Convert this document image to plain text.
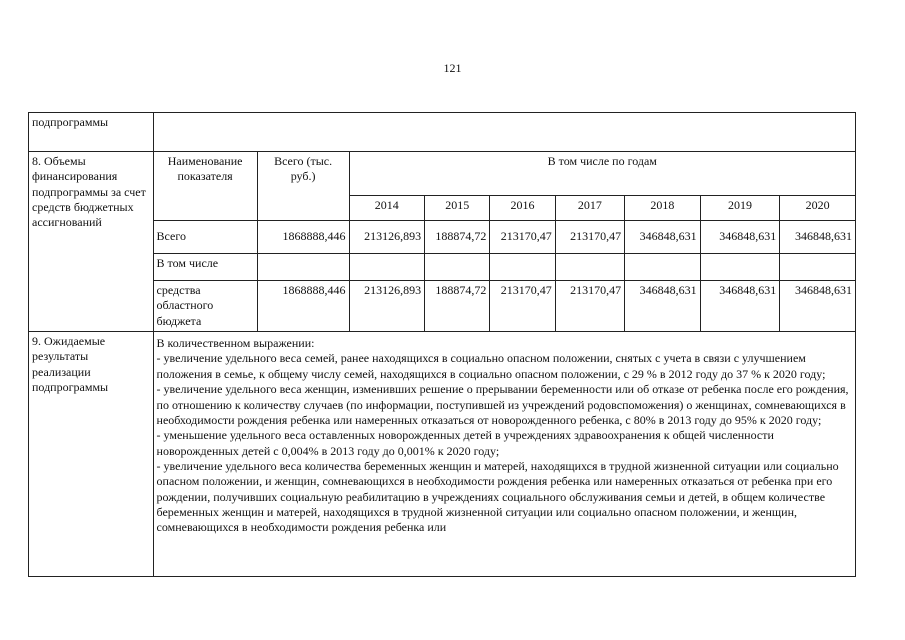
121
подпрограммы									
8. Объемы финансирования подпрограммы за счет средств бюджетных ассигнований	Наименование показателя	Всего (тыс. руб.)	В том числе по годам						
			2014	2015	2016	2017	2018	2019	2020
	Всего	1868888,446	213126,893	188874,72	213170,47	213170,47	346848,631	346848,631	346848,631
	В том числе								
	средства областного бюджета	1868888,446	213126,893	188874,72	213170,47	213170,47	346848,631	346848,631	346848,631
9. Ожидаемые результаты реализации подпрограммы	В количественном выражении:

- увеличение удельного веса семей, ранее находящихся в социально опасном положении, снятых с учета в связи с улучшением положения в семье, к общему числу семей, находящихся в социально опасном положении, с 29 % в 2012 году до 37 % к 2020 году;

- увеличение удельного веса женщин, изменивших решение о прерывании беременности или об отказе от ребенка после его рождения, по отношению к количеству случаев (по информации, поступившей из учреждений родовспоможения) о женщинах, сомневающихся в необходимости рождения ребенка или намеренных отказаться от новорожденного ребенка, с 80% в 2013 году до 95% к 2020 году;

- уменьшение удельного веса оставленных новорожденных детей в учреждениях здравоохранения к общей численности новорожденных детей с 0,004% в 2013 году до 0,001% к 2020 году;

- увеличение удельного веса количества беременных женщин и матерей, находящихся в трудной жизненной ситуации или социально опасном положении, и женщин, сомневающихся в необходимости рождения ребенка или намеренных отказаться от ребенка при его рождении, получивших социальную реабилитацию в учреждениях социального обслуживания семьи и детей, в общем количестве беременных женщин и матерей, находящихся в трудной жизненной ситуации или социально опасном положении, и женщин, сомневающихся в необходимости рождения ребенка или								
